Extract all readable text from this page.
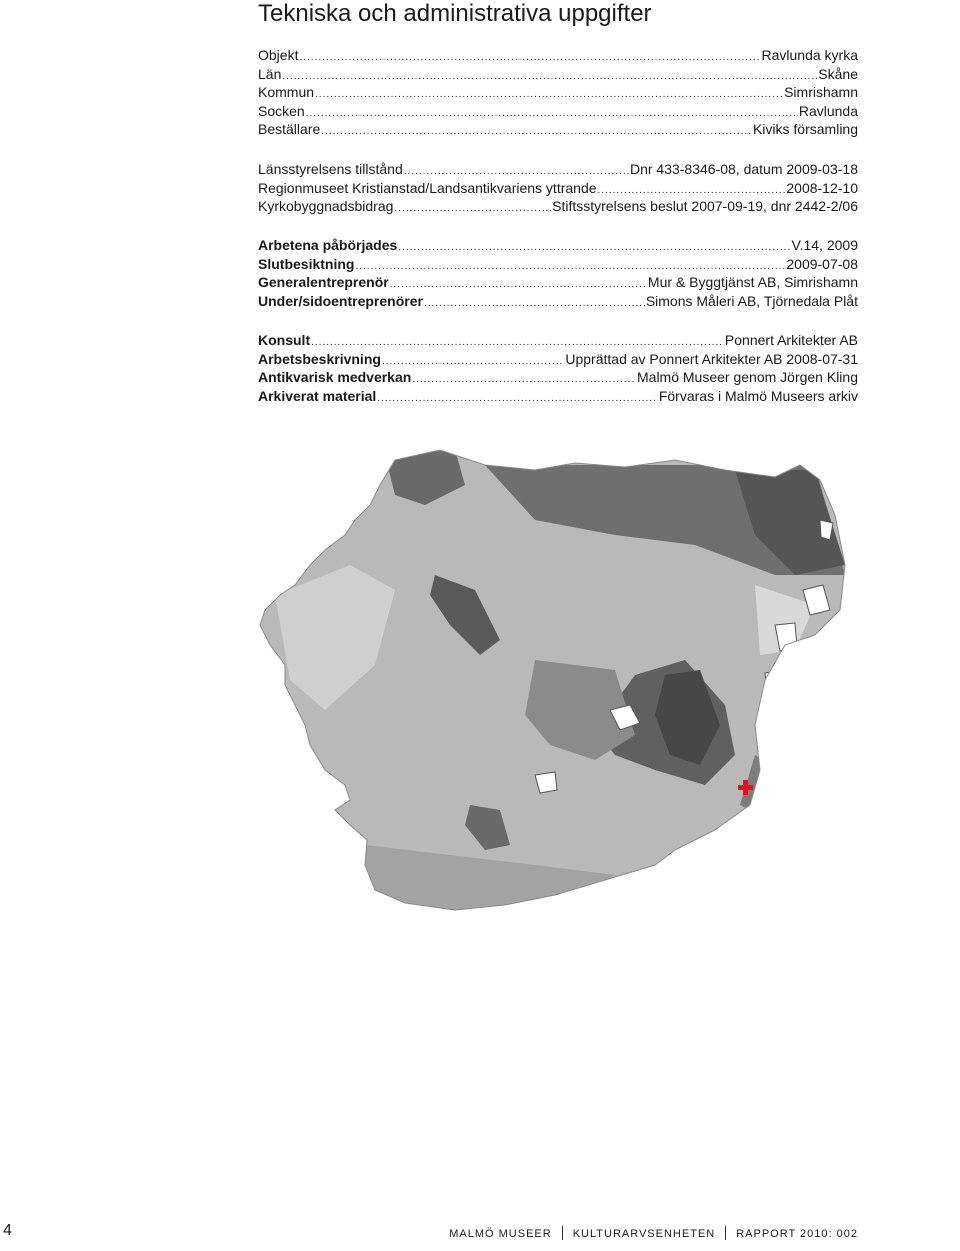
Tekniska och administrativa uppgifter
Objekt .....	Ravlunda kyrka
Län .....	Skåne
Kommun .....	Simrishamn
Socken .....	Ravlunda
Beställare .....	Kiviks församling
Länsstyrelsens tillstånd .....	Dnr 433-8346-08, datum 2009-03-18
Regionmuseet Kristianstad/Landsantikvariens yttrande .....	2008-12-10
Kyrkobyggnadsbidrag .....	Stiftsstyrelsens beslut 2007-09-19, dnr 2442-2/06
Arbetena påbörjades .....	V.14, 2009
Slutbesiktning .....	2009-07-08
Generalentreprenör .....	Mur & Byggtjänst AB, Simrishamn
Under/sidoentreprenörer .....	Simons Måleri AB, Tjörnedala Plåt
Konsult .....	Ponnert Arkitekter AB
Arbetsbeskrivning .....	Upprättad av Ponnert Arkitekter AB 2008-07-31
Antikvarisk medverkan .....	Malmö Museer genom Jörgen Kling
Arkiverat material .....	Förvaras i Malmö Museers arkiv
4	MALMÖ MUSEER KULTURARVSENHETEN RAPPORT 2010: 002
